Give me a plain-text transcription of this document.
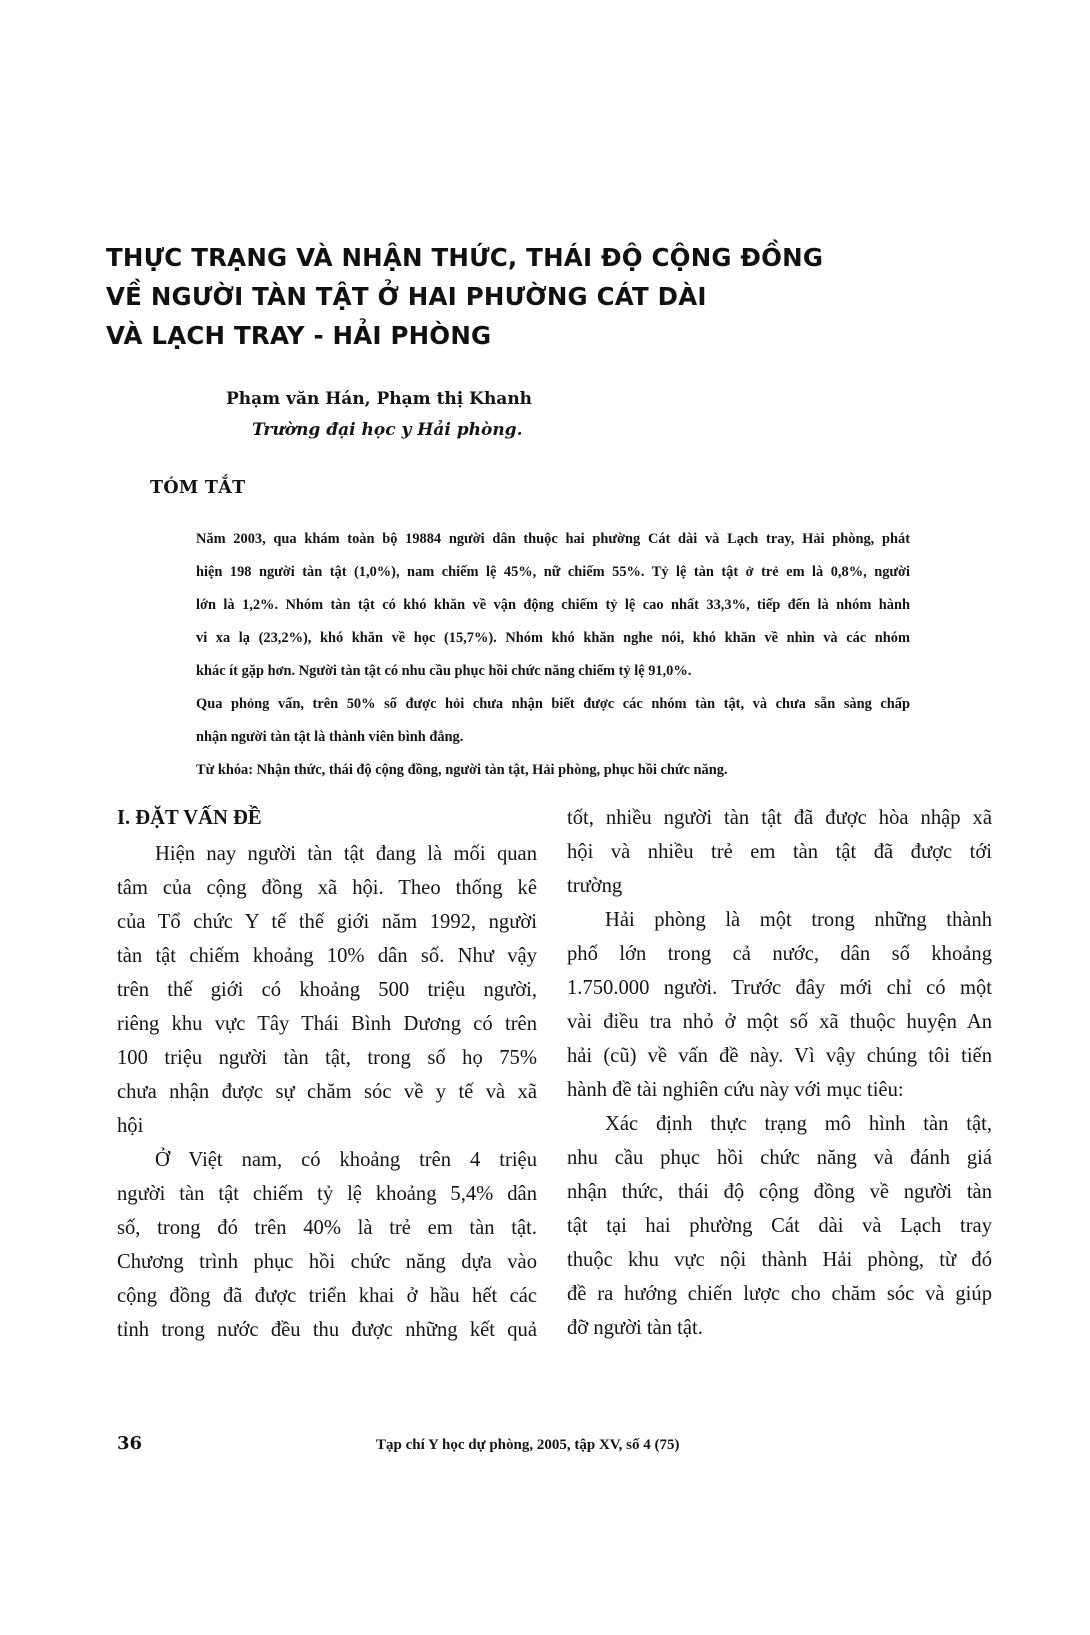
THỰC TRẠNG VÀ NHẬN THỨC, THÁI ĐỘ CỘNG ĐỒNG
VỀ NGƯỜI TÀN TẬT Ở HAI PHƯỜNG CÁT DÀI
VÀ LẠCH TRAY - HẢI PHÒNG
Phạm văn Hán, Phạm thị Khanh
Trường đại học y Hải phòng.
TÓM TẮT
Năm 2003, qua khám toàn bộ 19884 người dân thuộc hai phường Cát dài và Lạch tray, Hải phòng, phát
hiện 198 người tàn tật (1,0%), nam chiếm lệ 45%, nữ chiếm 55%. Tỷ lệ tàn tật ở trẻ em là 0,8%, người
lớn là 1,2%. Nhóm tàn tật có khó khăn về vận động chiếm tỷ lệ cao nhất 33,3%, tiếp đến là nhóm hành
vi xa lạ (23,2%), khó khăn về học (15,7%). Nhóm khó khăn nghe nói, khó khăn về nhìn và các nhóm
khác ít gặp hơn. Người tàn tật có nhu cầu phục hồi chức năng chiếm tỷ lệ 91,0%.
Qua phỏng vấn, trên 50% số được hỏi chưa nhận biết được các nhóm tàn tật, và chưa sẵn sàng chấp
nhận người tàn tật là thành viên bình đẳng.
Từ khóa: Nhận thức, thái độ cộng đồng, người tàn tật, Hải phòng, phục hồi chức năng.
I. ĐẶT VẤN ĐỀ
Hiện nay người tàn tật đang là mối quan
tâm của cộng đồng xã hội. Theo thống kê
của Tổ chức Y tế thế giới năm 1992, người
tàn tật chiếm khoảng 10% dân số. Như vậy
trên thế giới có khoảng 500 triệu người,
riêng khu vực Tây Thái Bình Dương có trên
100 triệu người tàn tật, trong số họ 75%
chưa nhận được sự chăm sóc về y tế và xã
hội
Ở Việt nam, có khoảng trên 4 triệu
người tàn tật chiếm tỷ lệ khoảng 5,4% dân
số, trong đó trên 40% là trẻ em tàn tật.
Chương trình phục hồi chức năng dựa vào
cộng đồng đã được triển khai ở hầu hết các
tỉnh trong nước đều thu được những kết quả
tốt, nhiều người tàn tật đã được hòa nhập xã
hội và nhiều trẻ em tàn tật đã được tới
trường
Hải phòng là một trong những thành
phố lớn trong cả nước, dân số khoảng
1.750.000 người. Trước đây mới chỉ có một
vài điều tra nhỏ ở một số xã thuộc huyện An
hải (cũ) về vấn đề này. Vì vậy chúng tôi tiến
hành đề tài nghiên cứu này với mục tiêu:
Xác định thực trạng mô hình tàn tật,
nhu cầu phục hồi chức năng và đánh giá
nhận thức, thái độ cộng đồng về người tàn
tật tại hai phường Cát dài và Lạch tray
thuộc khu vực nội thành Hải phòng, từ đó
đề ra hướng chiến lược cho chăm sóc và giúp
đỡ người tàn tật.
36	Tạp chí Y học dự phòng, 2005, tập XV, số 4 (75)
